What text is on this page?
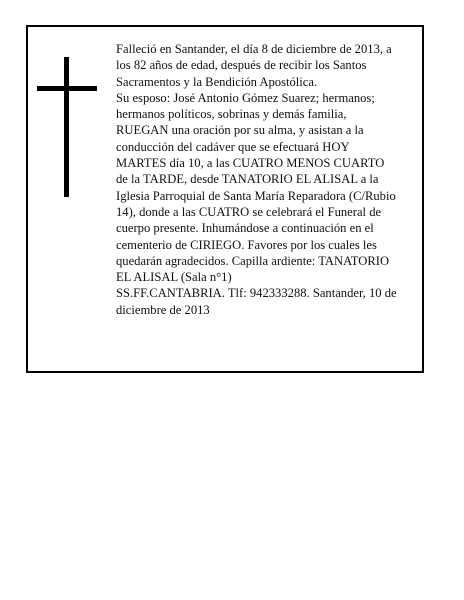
Falleció en Santander, el día 8 de diciembre de 2013, a
los 82 años de edad, después de recibir los Santos
Sacramentos y la Bendición Apostólica.
Su esposo: José Antonio Gómez Suarez; hermanos;
hermanos políticos, sobrinas y demás familia,
RUEGAN una oración por su alma, y asistan a la
conducción del cadáver que se efectuará HOY
MARTES día 10, a las CUATRO MENOS CUARTO
de la TARDE, desde TANATORIO EL ALISAL a la
Iglesia Parroquial de Santa María Reparadora (C/Rubio
14), donde a las CUATRO se celebrará el Funeral de
cuerpo presente. Inhumándose a continuación en el
cementerio de CIRIEGO. Favores por los cuales les
quedarán agradecidos. Capilla ardiente: TANATORIO
EL ALISAL (Sala n°1)
SS.FF.CANTABRIA. Tlf: 942333288. Santander, 10 de
diciembre de 2013
